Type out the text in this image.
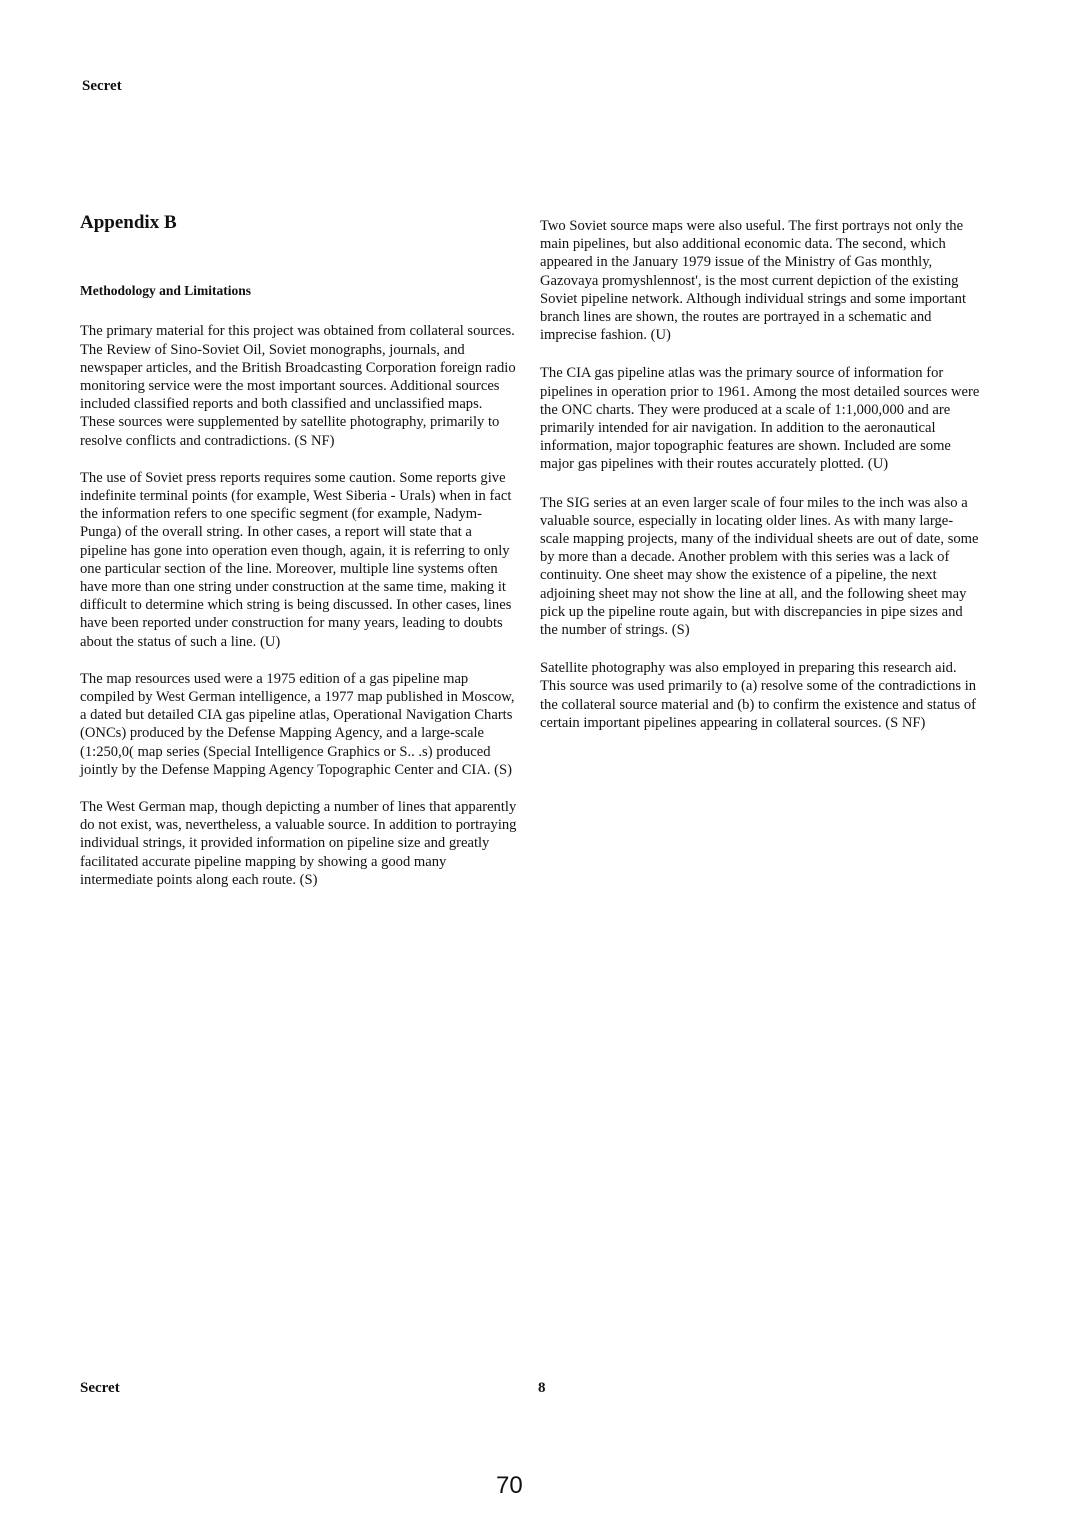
Secret
Appendix B
Methodology and Limitations

The primary material for this project was obtained from collateral sources. The Review of Sino-Soviet Oil, Soviet monographs, journals, and newspaper articles, and the British Broadcasting Corporation foreign radio monitoring service were the most important sources. Additional sources included classified reports and both classified and unclassified maps. These sources were supplemented by satellite photography, primarily to resolve conflicts and contradictions. (S NF)

The use of Soviet press reports requires some caution. Some reports give indefinite terminal points (for example, West Siberia - Urals) when in fact the information refers to one specific segment (for example, Nadym-Punga) of the overall string. In other cases, a report will state that a pipeline has gone into operation even though, again, it is referring to only one particular section of the line. Moreover, multiple line systems often have more than one string under construction at the same time, making it difficult to determine which string is being discussed. In other cases, lines have been reported under construction for many years, leading to doubts about the status of such a line. (U)

The map resources used were a 1975 edition of a gas pipeline map compiled by West German intelligence, a 1977 map published in Moscow, a dated but detailed CIA gas pipeline atlas, Operational Navigation Charts (ONCs) produced by the Defense Mapping Agency, and a large-scale (1:250,0( map series (Special Intelligence Graphics or S.. .s) produced jointly by the Defense Mapping Agency Topographic Center and CIA. (S)

The West German map, though depicting a number of lines that apparently do not exist, was, nevertheless, a valuable source. In addition to portraying individual strings, it provided information on pipeline size and greatly facilitated accurate pipeline mapping by showing a good many intermediate points along each route. (S)

Two Soviet source maps were also useful. The first portrays not only the main pipelines, but also additional economic data. The second, which appeared in the January 1979 issue of the Ministry of Gas monthly, Gazovaya promyshlennost', is the most current depiction of the existing Soviet pipeline network. Although individual strings and some important branch lines are shown, the routes are portrayed in a schematic and imprecise fashion. (U)

The CIA gas pipeline atlas was the primary source of information for pipelines in operation prior to 1961. Among the most detailed sources were the ONC charts. They were produced at a scale of 1:1,000,000 and are primarily intended for air navigation. In addition to the aeronautical information, major topographic features are shown. Included are some major gas pipelines with their routes accurately plotted. (U)

The SIG series at an even larger scale of four miles to the inch was also a valuable source, especially in locating older lines. As with many large-scale mapping projects, many of the individual sheets are out of date, some by more than a decade. Another problem with this series was a lack of continuity. One sheet may show the existence of a pipeline, the next adjoining sheet may not show the line at all, and the following sheet may pick up the pipeline route again, but with discrepancies in pipe sizes and the number of strings. (S)

Satellite photography was also employed in preparing this research aid. This source was used primarily to (a) resolve some of the contradictions in the collateral source material and (b) to confirm the existence and status of certain important pipelines appearing in collateral sources. (S NF)

Secret	8
70
